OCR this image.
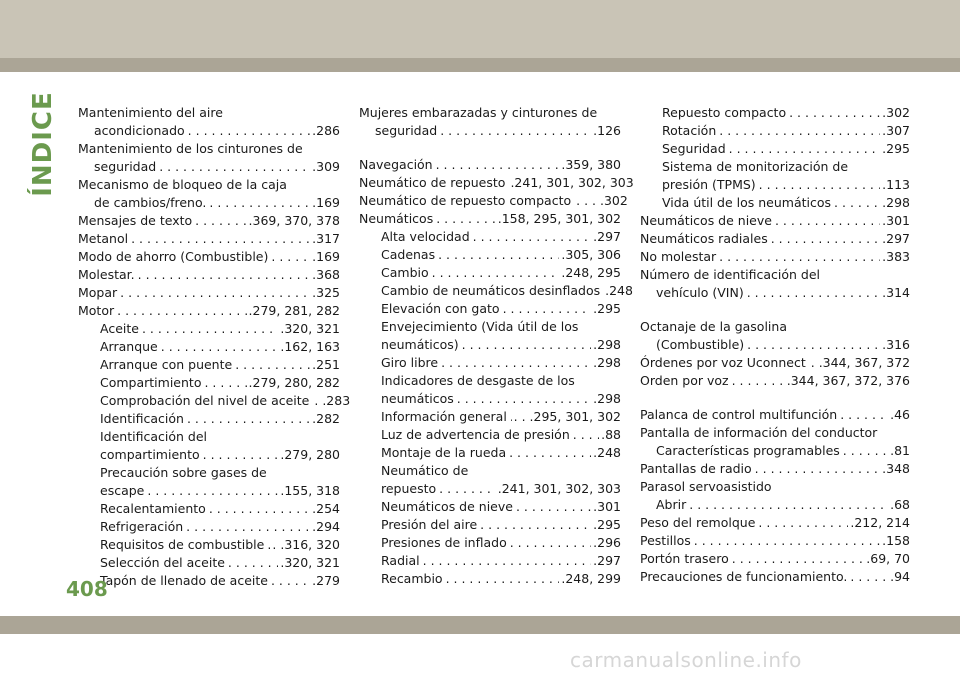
ÍNDICE Mantenimiento del aire
acondicionado . . .	.286
Mantenimiento de los cinturones de
seguridad . . .	.309
Mecanismo de bloqueo de la caja
de cambios/freno. . . .	.169
Mensajes de texto . . .	.369, 370, 378
Metanol . . .	.317
Modo de ahorro (Combustible) . . .	.169
Molestar. . . .	.368
Mopar . . .	.325
Motor . . .	.279, 281, 282
Aceite . . .	.320, 321
Arranque . . .	.162, 163
Arranque con puente . . .	.251
Compartimiento . . .	.279, 280, 282
Comprobación del nivel de aceite . .283
Identificación . . .	.282
Identificación del
compartimiento . . .	.279, 280
Precaución sobre gases de
escape . . .	.155, 318
Recalentamiento . . .	.254
Refrigeración . . .	.294
Requisitos de combustible . . . . .316, 320
Selección del aceite . . .	.320, 321
Tapón de llenado de aceite . . .	.279
Mujeres embarazadas y cinturones de
seguridad . . .	.126
Navegación . . .	.359, 380
Neumático de repuesto .241, 301, 302, 303
Neumático de repuesto compacto . . . .302
Neumáticos . . .	.158, 295, 301, 302
Alta velocidad . . .	.297
Cadenas . . .	.305, 306
Cambio . . .	.248, 295
Cambio de neumáticos desinflados .248
Elevación con gato . . .	.295
Envejecimiento (Vida útil de los
neumáticos) . . .	.298
Giro libre . . .	.298
Indicadores de desgaste de los
neumáticos . . .	.298
Información general . . . . . .295, 301, 302
Luz de advertencia de presión . . .	.88
Montaje de la rueda . . .	.248
Neumático de
repuesto . . .	.241, 301, 302, 303
Neumáticos de nieve . . .	.301
Presión del aire . . .	.295
Presiones de inflado . . .	.296
Radial . . .	.297
Recambio . . .	.248, 299
Repuesto compacto . . .	.302
Rotación . . .	.307
Seguridad . . .	.295
Sistema de monitorización de
presión (TPMS) . . .	.113
Vida útil de los neumáticos . . .	.298
Neumáticos de nieve . . .	.301
Neumáticos radiales . . .	.297
No molestar . . .	.383
Número de identificación del
vehículo (VIN) . . .	.314
Octanaje de la gasolina
(Combustible) . . .	.316
Órdenes por voz Uconnect . .344, 367, 372
Orden por voz . . .	.344, 367, 372, 376
Palanca de control multifunción . . .	.46
Pantalla de información del conductor
Características programables . . .	.81
Pantallas de radio . . .	.348
Parasol servoasistido
Abrir . . .	.68
Peso del remolque . . .	.212, 214
Pestillos . . .	.158
Portón trasero . . .	.69, 70
Precauciones de funcionamiento. . . .	.94
408
carmanualsonline.info
